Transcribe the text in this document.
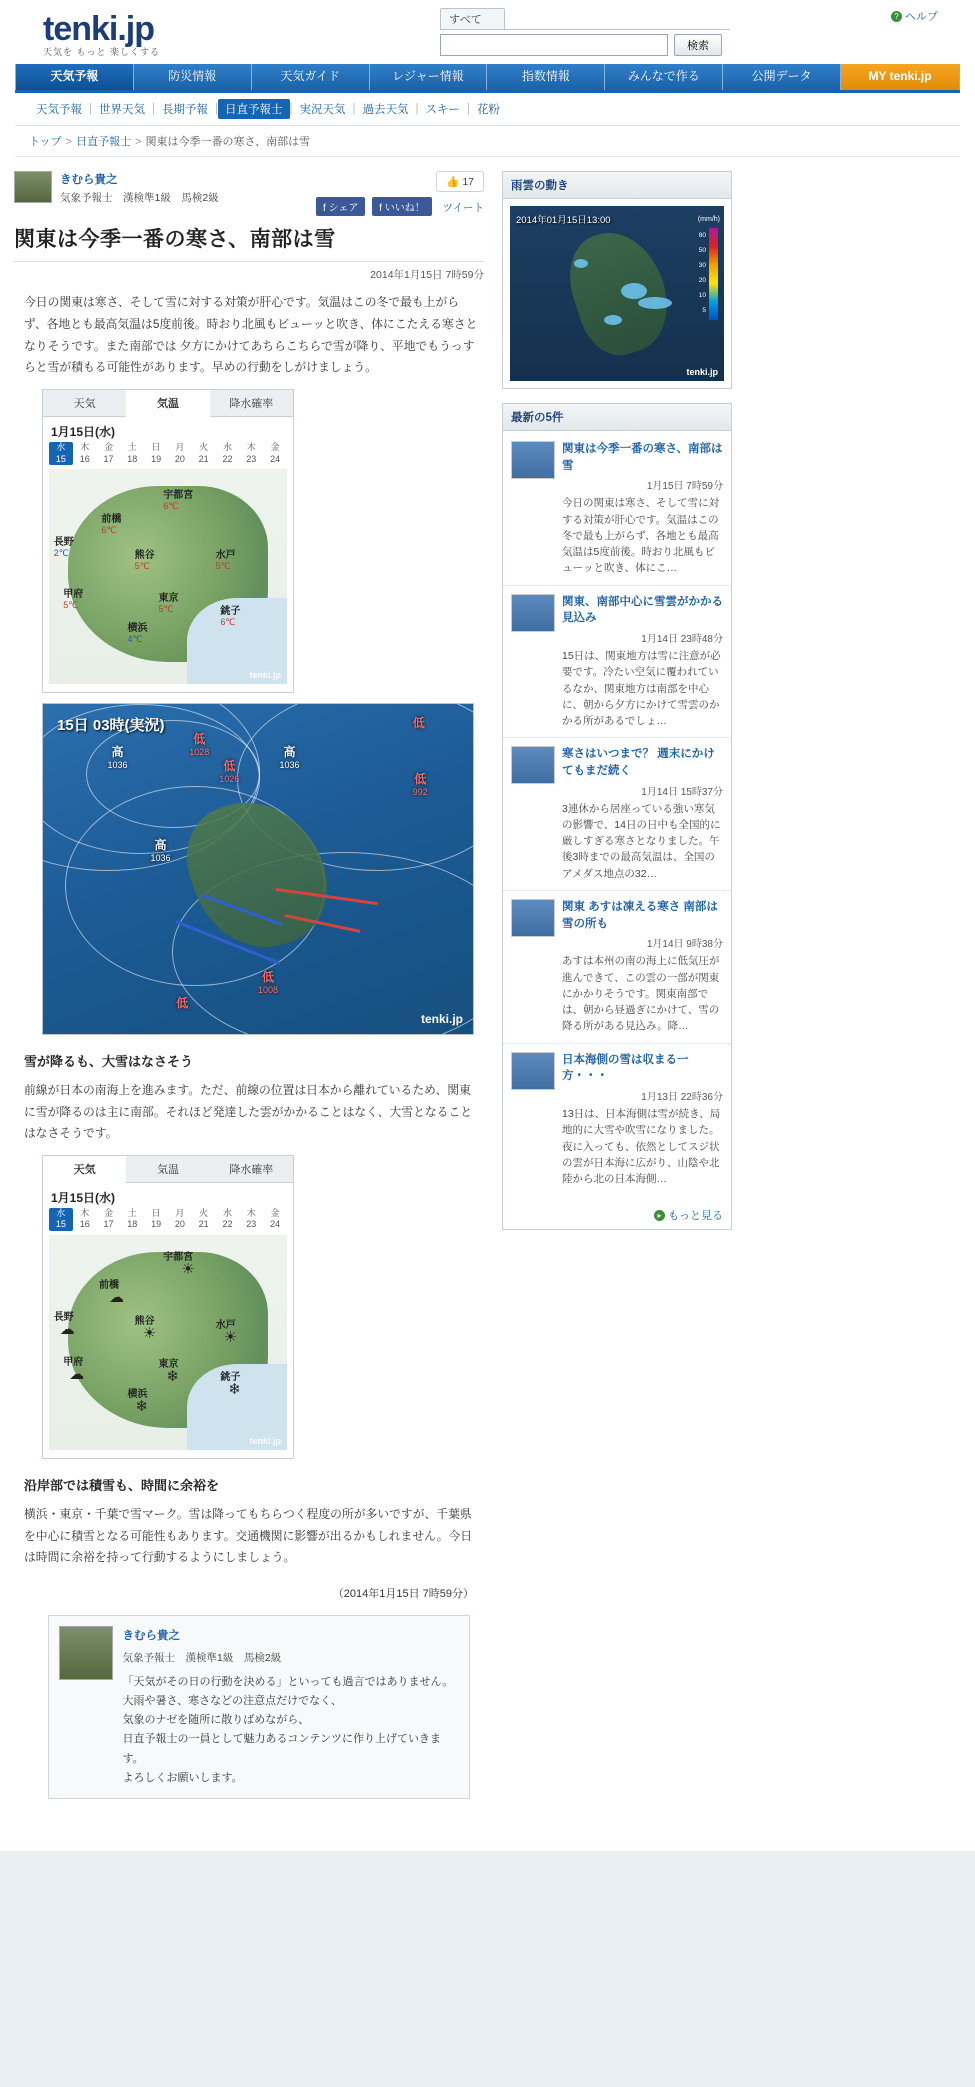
tenki.jp
天気を もっと 楽しくする
? ヘルプ
すべて
検索
天気予報	防災情報	天気ガイド	レジャー情報	指数情報	みんなで作る	公開データ	MY tenki.jp
天気予報 | 世界天気 | 長期予報 | 日直予報士 | 実況天気 | 過去天気 | スキー | 花粉
トップ > 日直予報士 > 関東は今季一番の寒さ、南部は雪
きむら貴之
気象予報士　漢検準1級　馬検2級
👍 17
f シェア f いいね！ ツイート
関東は今季一番の寒さ、南部は雪
2014年1月15日 7時59分

今日の関東は寒さ、そして雪に対する対策が肝心です。気温はこの冬で最も上がらず、各地とも最高気温は5度前後。時おり北風もビューッと吹き、体にこたえる寒さとなりそうです。また南部では 夕方にかけてあちらこちらで雪が降り、平地でもうっすらと雪が積もる可能性があります。早めの行動をしがけましょう。

天気	気温	降水確率
1月15日(水)
水
15
木
16
金
17
土
18
日
19
月
20
火
21
水
22
木
23
金
24
宇都宮
6℃
前橋
6℃
長野
2℃	熊谷
5℃
水戸
5℃
甲府
5℃
東京
5℃	銚子
6℃
横浜
4℃
tenki.jp
15日 03時(実況)	低
低
1028
高
1036	低
1026
高
1036
低
992
高
1036
低
1008
低
tenki.jp
雪が降るも、大雪はなさそう

前線が日本の南海上を進みます。ただ、前線の位置は日本から離れているため、関東に雪が降るのは主に南部。それほど発達した雲がかかることはなく、大雪となることはなさそうです。

天気	気温	降水確率
1月15日(水)
水
15
木
16
金
17
土
18
日
19
月
20
火
21
水
22
木
23
金
24
宇都宮
☀
前橋
☁
長野
☁	熊谷
☀	水戸
☀
甲府
☁
東京
❄	銚子
❄
横浜
❄
tenki.jp
沿岸部では積雪も、時間に余裕を

横浜・東京・千葉で雪マーク。雪は降ってもちらつく程度の所が多いですが、千葉県を中心に積雪となる可能性もあります。交通機関に影響が出るかもしれません。今日は時間に余裕を持って行動するようにしましょう。

（2014年1月15日 7時59分）
きむら貴之
気象予報士　漢検準1級　馬検2級
「天気がその日の行動を決める」といっても過言ではありません。
大雨や暑さ、寒さなどの注意点だけでなく、
気象のナゼを随所に散りばめながら、
日直予報士の一員として魅力あるコンテンツに作り上げていきます。
よろしくお願いします。
雨雲の動き
2014年01月15日13:00	(mm/h)
80
50
30
20
10
5
tenki.jp
最新の5件
関東は今季一番の寒さ、南部は雪
1月15日 7時59分
今日の関東は寒さ、そして雪に対する対策が肝心です。気温はこの冬で最も上がらず、各地とも最高気温は5度前後。時おり北風もビューッと吹き、体にこ…
関東、南部中心に雪雲がかかる見込み
1月14日 23時48分
15日は、関東地方は雪に注意が必要です。冷たい空気に覆われているなか、関東地方は南部を中心に、朝から夕方にかけて雪雲のかかる所があるでしょ…
寒さはいつまで？ 週末にかけてもまだ続く
1月14日 15時37分
3連休から居座っている強い寒気の影響で、14日の日中も全国的に厳しすぎる寒さとなりました。午後3時までの最高気温は、全国のアメダス地点の32…
関東 あすは凍える寒さ 南部は雪の所も
1月14日 9時38分
あすは本州の南の海上に低気圧が進んできて、この雲の一部が関東にかかりそうです。関東南部では、朝から昼過ぎにかけて、雪の降る所がある見込み。降…
日本海側の雪は収まる一方・・・
1月13日 22時36分
13日は、日本海側は雪が続き、局地的に大雪や吹雪になりました。夜に入っても、依然としてスジ状の雲が日本海に広がり、山陰や北陸から北の日本海側…
▸ もっと見る
